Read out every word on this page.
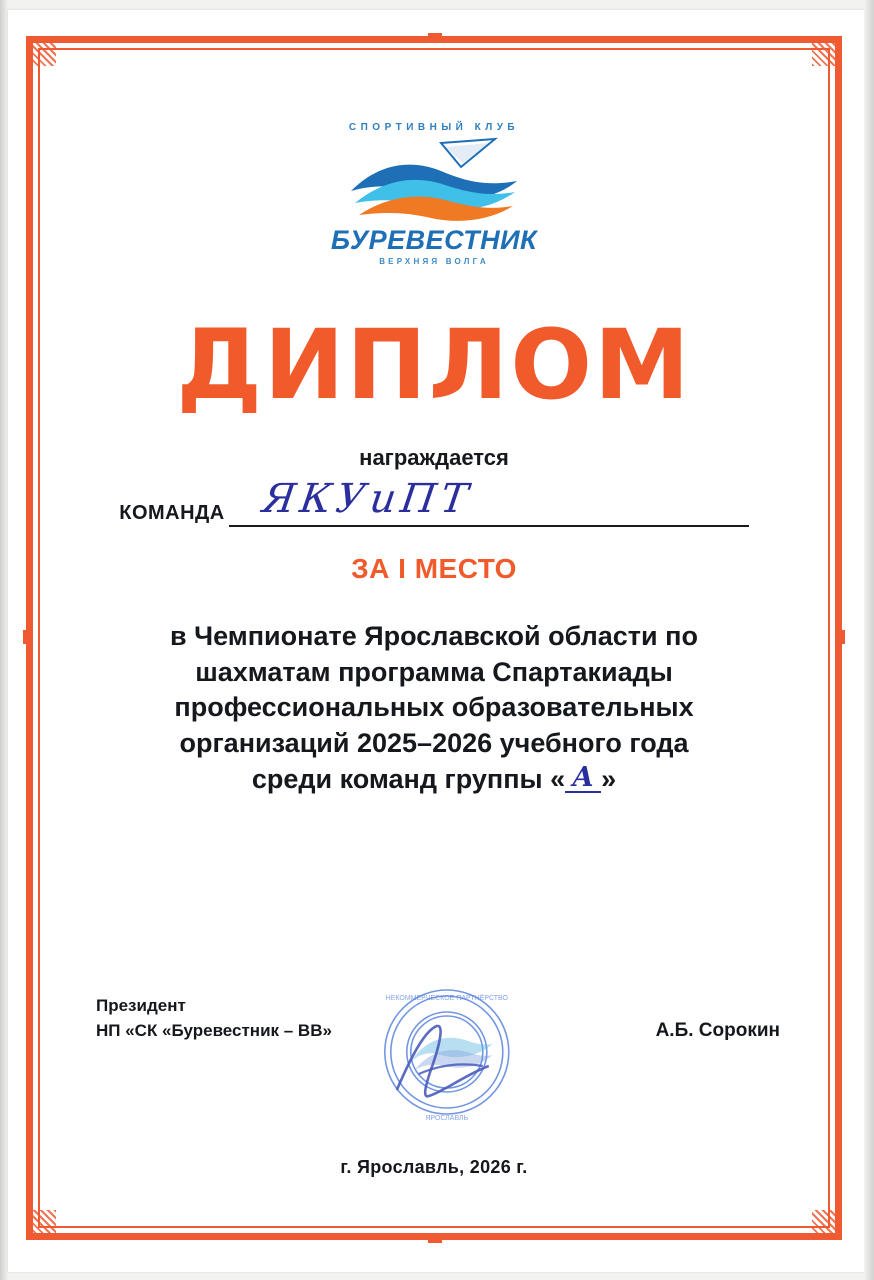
СПОРТИВНЫЙ КЛУБ
БУРЕВЕСТНИК
ВЕРХНЯЯ ВОЛГА
ДИПЛОМ
награждается
КОМАНДА ЯКУиПТ
ЗА I МЕСТО
в Чемпионате Ярославской области по
шахматам программа Спартакиады
профессиональных образовательных
организаций 2025–2026 учебного года
среди команд группы « А »
Президент
НП «СК «Буревестник – ВВ»
НЕКОММЕРЧЕСКОЕ ПАРТНЁРСТВО
ЯРОСЛАВЛЬ
А.Б. Сорокин
г. Ярославль, 2026 г.
